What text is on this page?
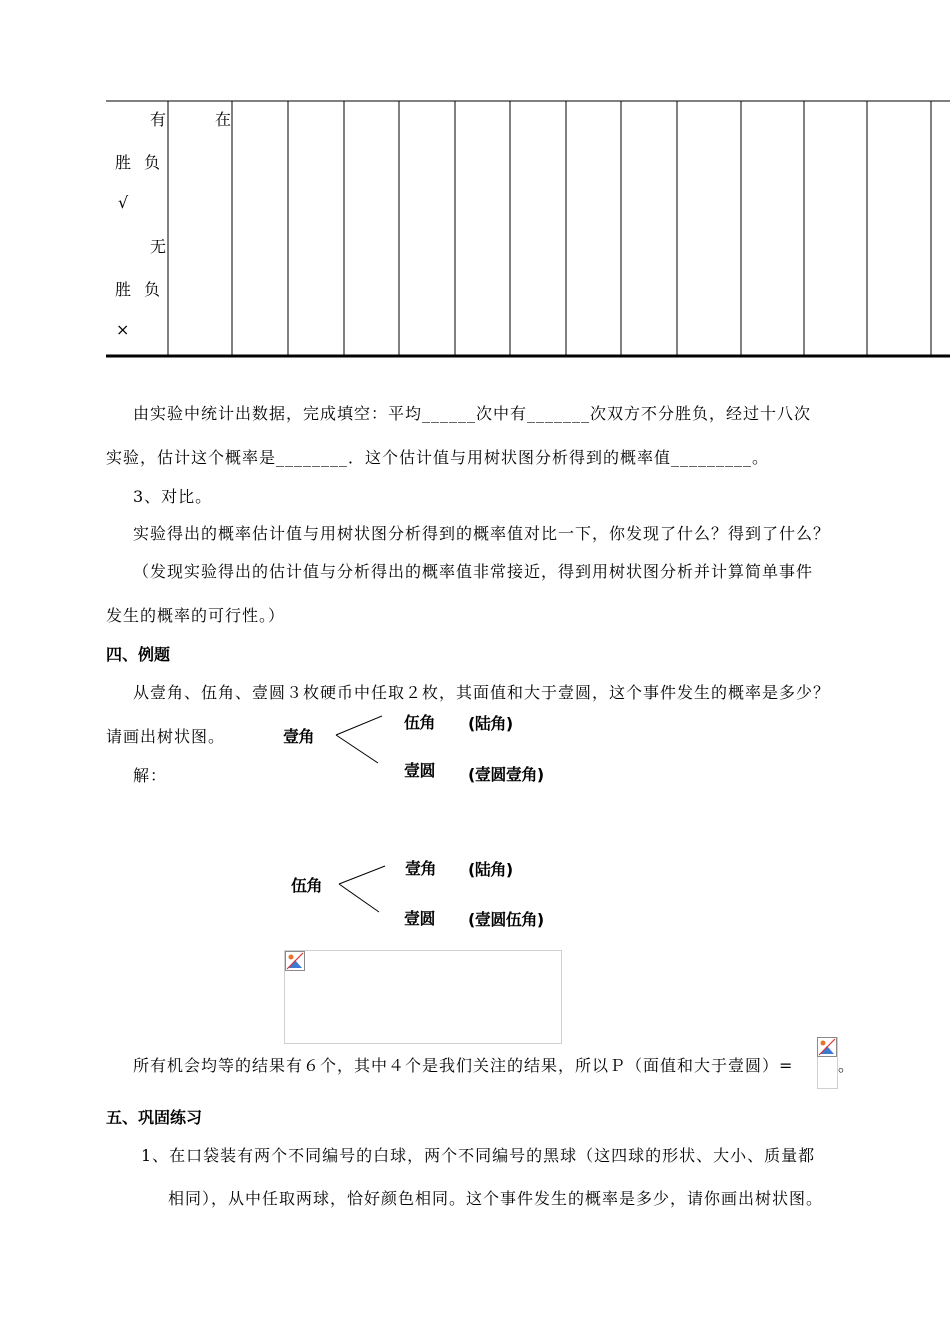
有	在
胜 负
√
无
胜 负
×
由实验中统计出数据，完成填空：平均______次中有_______次双方不分胜负，经过十八次
实验，估计这个概率是________．这个估计值与用树状图分析得到的概率值_________。
3、对比。
实验得出的概率估计值与用树状图分析得到的概率值对比一下，你发现了什么？得到了什么？
（发现实验得出的估计值与分析得出的概率值非常接近，得到用树状图分析并计算简单事件
发生的概率的可行性。）
四、例题
从壹角、伍角、壹圆３枚硬币中任取２枚，其面值和大于壹圆，这个事件发生的概率是多少？
请画出树状图。
解：
壹角
伍角 (陆角)
壹圆 (壹圆壹角)
伍角
壹角 (陆角)
壹圆 (壹圆伍角)
所有机会均等的结果有６个，其中４个是我们关注的结果，所以Ｐ（面值和大于壹圆）=	。
五、巩固练习
1、在口袋装有两个不同编号的白球，两个不同编号的黑球（这四球的形状、大小、质量都
相同），从中任取两球，恰好颜色相同。这个事件发生的概率是多少，请你画出树状图。
